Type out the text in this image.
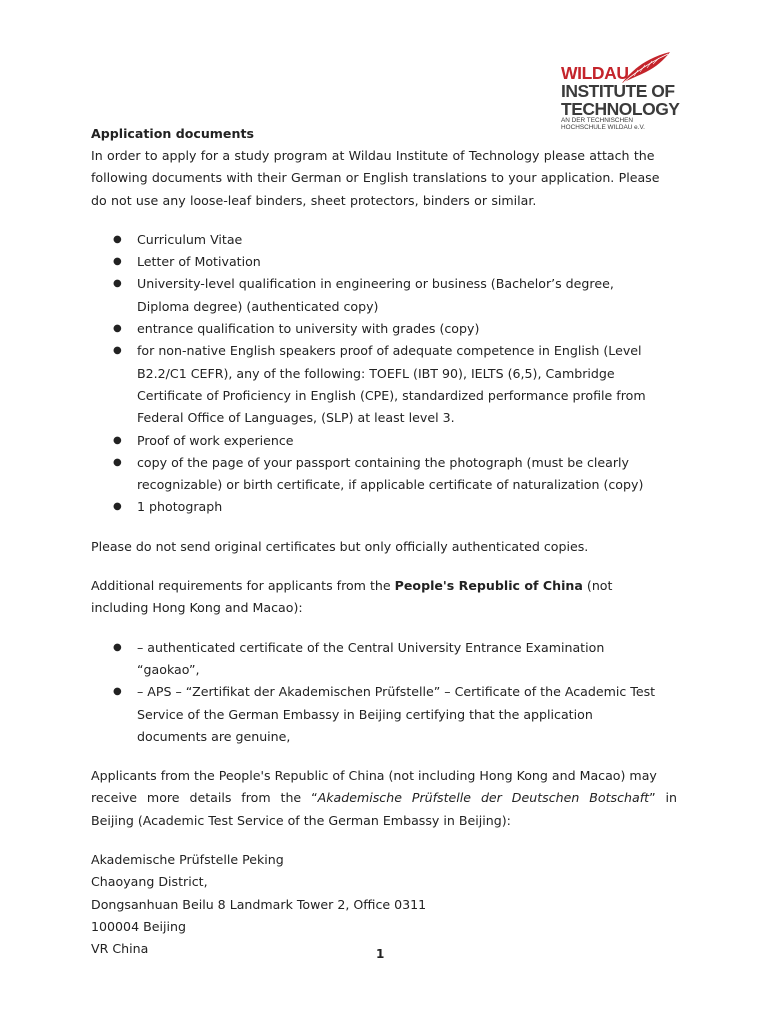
WILDAU
INSTITUTE OF
TECHNOLOGY
AN DER TECHNISCHEN
HOCHSCHULE WILDAU e.V.
Application documents
In order to apply for a study program at Wildau Institute of Technology please attach the
following documents with their German or English translations to your application. Please
do not use any loose-leaf binders, sheet protectors, binders or similar.
● Curriculum Vitae
● Letter of Motivation
● University-level qualification in engineering or business (Bachelor’s degree,
Diploma degree) (authenticated copy)
● entrance qualification to university with grades (copy)
● for non-native English speakers proof of adequate competence in English (Level
B2.2/C1 CEFR), any of the following: TOEFL (IBT 90), IELTS (6,5), Cambridge
Certificate of Proficiency in English (CPE), standardized performance profile from
Federal Office of Languages, (SLP) at least level 3.
● Proof of work experience
● copy of the page of your passport containing the photograph (must be clearly
recognizable) or birth certificate, if applicable certificate of naturalization (copy)
● 1 photograph
Please do not send original certificates but only officially authenticated copies.
Additional requirements for applicants from the People's Republic of China (not
including Hong Kong and Macao):
● – authenticated certificate of the Central University Entrance Examination
“gaokao”,
● – APS – “Zertifikat der Akademischen Prüfstelle” – Certificate of the Academic Test
Service of the German Embassy in Beijing certifying that the application
documents are genuine,
Applicants from the People's Republic of China (not including Hong Kong and Macao) may
receive more details from the “Akademische Prüfstelle der Deutschen Botschaft” in
Beijing (Academic Test Service of the German Embassy in Beijing):
Akademische Prüfstelle Peking
Chaoyang District,
Dongsanhuan Beilu 8 Landmark Tower 2, Office 0311
100004 Beijing
VR China	1
